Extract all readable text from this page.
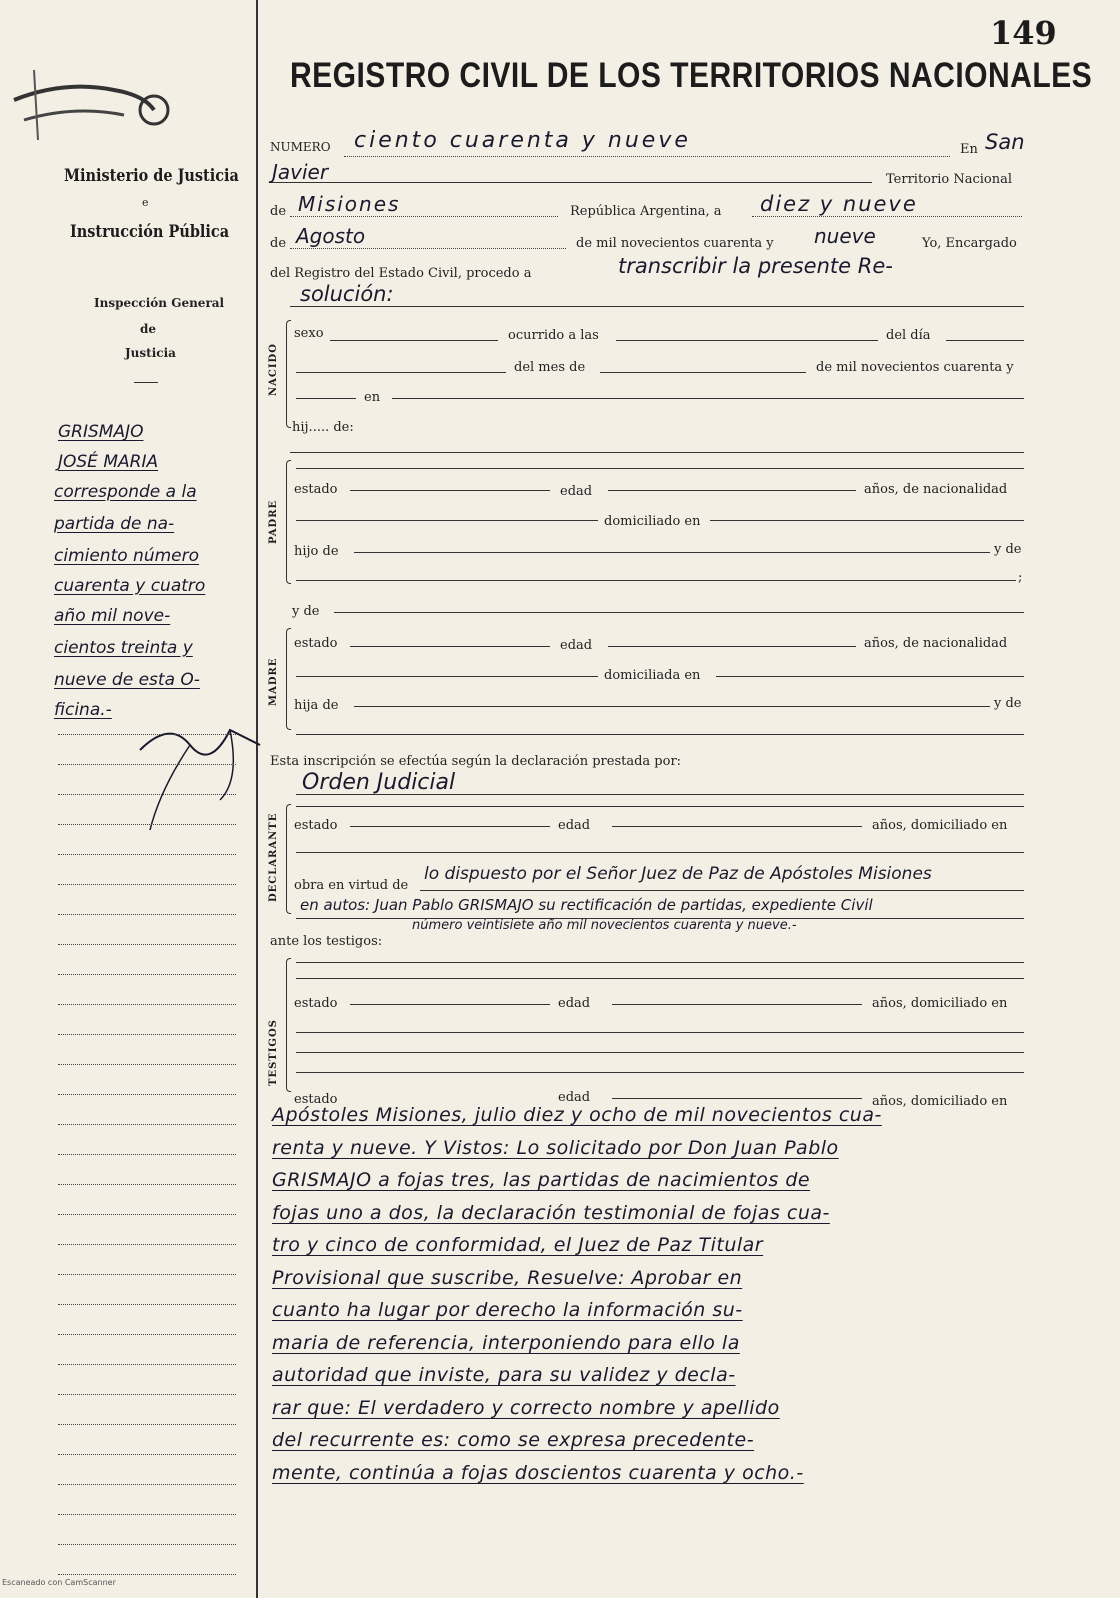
149
REGISTRO CIVIL DE LOS TERRITORIOS NACIONALES
Ministerio de Justicia
e
Instrucción Pública
Inspección General
de
Justicia
GRISMAJO
JOSÉ MARIA
corresponde a la
partida de na-
cimiento número
cuarenta y cuatro
año mil nove-
cientos treinta y
nueve de esta O-
ficina.-
NUMERO ciento cuarenta y nueve	En San
Javier	Territorio Nacional
de Misiones	República Argentina, a diez y nueve
de Agosto	de mil novecientos cuarenta y nueve	Yo, Encargado
del Registro del Estado Civil, procedo a	transcribir la presente Re-
solución:
NACIDO
sexo	ocurrido a las	del día
del mes de	de mil novecientos cuarenta y
en
hij..... de:
PADRE
estado	edad	años, de nacionalidad
domiciliado en
hijo de	y de
;
y de
MADRE
estado	edad	años, de nacionalidad
domiciliada en
hija de	y de
Esta inscripción se efectúa según la declaración prestada por:
Orden Judicial
DECLARANTE estado	edad	años, domiciliado en
obra en virtud de
lo dispuesto por el Señor Juez de Paz de Apóstoles Misiones
en autos: Juan Pablo GRISMAJO su rectificación de partidas, expediente Civil
número veintisiete año mil novecientos cuarenta y nueve.-
ante los testigos:
TESTIGOS
estado	edad	años, domiciliado en
estado	edad	años, domiciliado en
Apóstoles Misiones, julio diez y ocho de mil novecientos cua-
renta y nueve. Y Vistos: Lo solicitado por Don Juan Pablo
GRISMAJO a fojas tres, las partidas de nacimientos de
fojas uno a dos, la declaración testimonial de fojas cua-
tro y cinco de conformidad, el Juez de Paz Titular
Provisional que suscribe, Resuelve: Aprobar en
cuanto ha lugar por derecho la información su-
maria de referencia, interponiendo para ello la
autoridad que inviste, para su validez y decla-
rar que: El verdadero y correcto nombre y apellido
del recurrente es: como se expresa precedente-
mente, continúa a fojas doscientos cuarenta y ocho.-
Escaneado con CamScanner
